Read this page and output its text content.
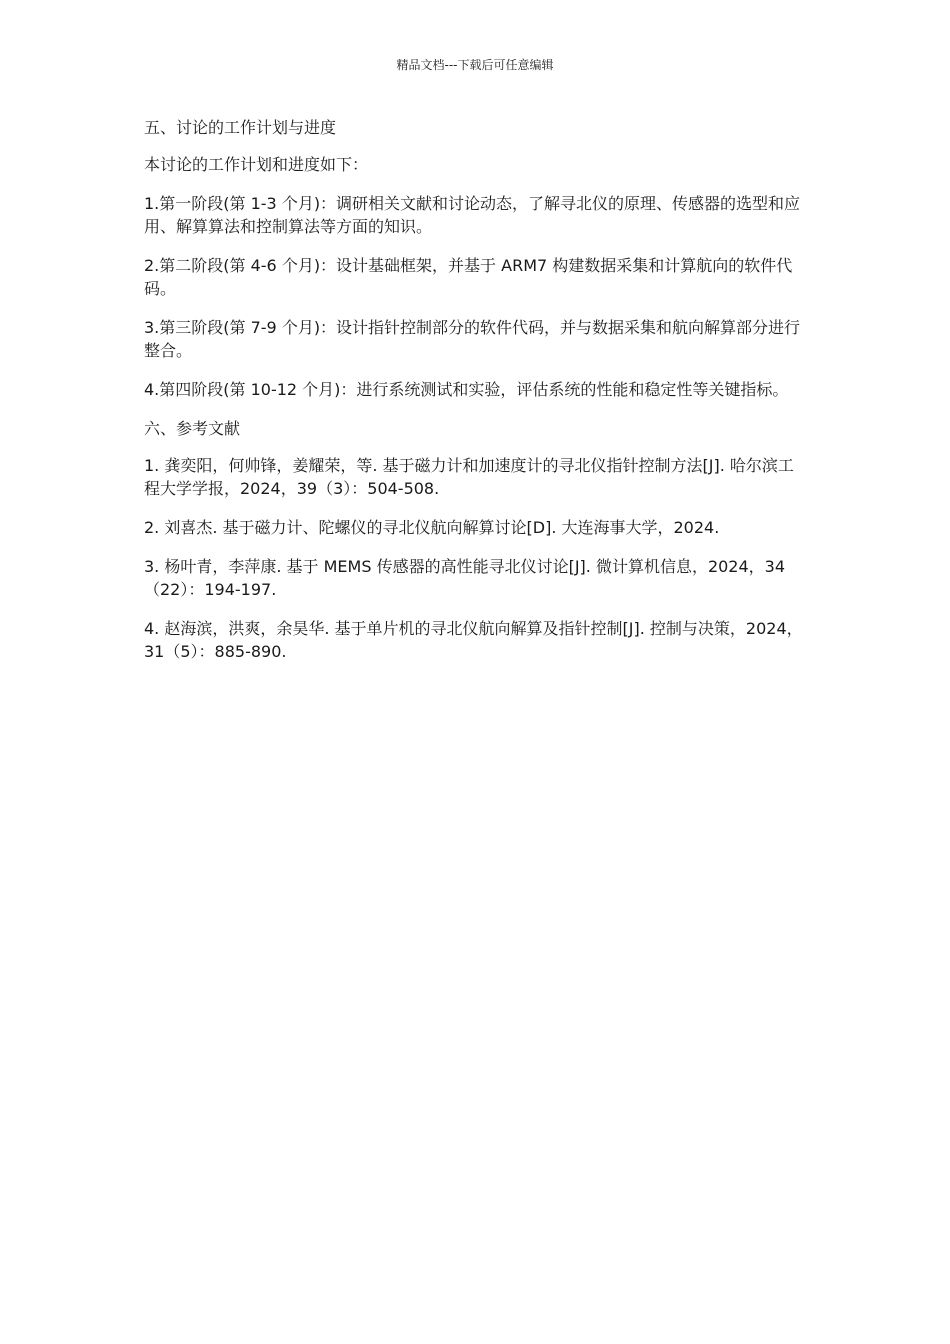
精品文档---下载后可任意编辑

五、讨论的工作计划与进度

本讨论的工作计划和进度如下：

1.第一阶段(第 1-3 个月)：调研相关文献和讨论动态，了解寻北仪的原理、传感器的选型和应用、解算算法和控制算法等方面的知识。

2.第二阶段(第 4-6 个月)：设计基础框架，并基于 ARM7 构建数据采集和计算航向的软件代码。

3.第三阶段(第 7-9 个月)：设计指针控制部分的软件代码，并与数据采集和航向解算部分进行整合。

4.第四阶段(第 10-12 个月)：进行系统测试和实验，评估系统的性能和稳定性等关键指标。

六、参考文献

1. 龚奕阳，何帅锋，姜耀荣，等. 基于磁力计和加速度计的寻北仪指针控制方法[J]. 哈尔滨工程大学学报，2024，39（3）：504-508.

2. 刘喜杰. 基于磁力计、陀螺仪的寻北仪航向解算讨论[D]. 大连海事大学，2024.

3. 杨叶青，李萍康. 基于 MEMS 传感器的高性能寻北仪讨论[J]. 微计算机信息，2024，34（22）：194-197.

4. 赵海滨，洪爽，余昊华. 基于单片机的寻北仪航向解算及指针控制[J]. 控制与决策，2024，31（5）：885-890.
